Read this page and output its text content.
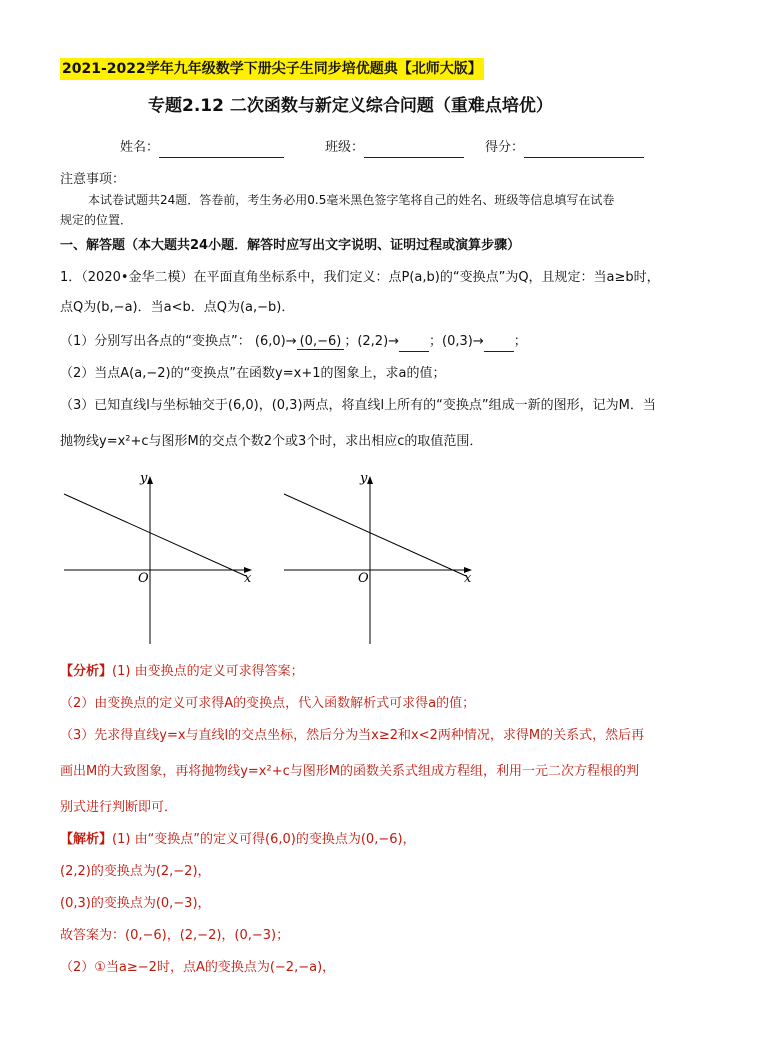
2021-2022学年九年级数学下册尖子生同步培优题典【北师大版】
专题2.12 二次函数与新定义综合问题（重难点培优）
姓名：	班级：	得分：
注意事项：
本试卷试题共24题．答卷前，考生务必用0.5毫米黑色签字笔将自己的姓名、班级等信息填写在试卷
规定的位置．
一、解答题（本大题共24小题．解答时应写出文字说明、证明过程或演算步骤）
1．（2020•金华二模）在平面直角坐标系中，我们定义：点P(a,b)的“变换点”为Q，且规定：当a≥b时，
点Q为(b,−a)．当a<b．点Q为(a,−b)．
（1）分别写出各点的“变换点”： (6,0)→ (0,−6) ；(2,2)→ ；(0,3)→ ；
（2）当点A(a,−2)的“变换点”在函数y=x+1的图象上，求a的值；
（3）已知直线l与坐标轴交于(6,0)，(0,3)两点，将直线l上所有的“变换点”组成一新的图形，记为M．当
抛物线y=x²+c与图形M的交点个数2个或3个时，求出相应c的取值范围．
y
x
O
y
x
O
【分析】(1) 由变换点的定义可求得答案；
（2）由变换点的定义可求得A的变换点，代入函数解析式可求得a的值；
（3）先求得直线y=x与直线l的交点坐标，然后分为当x≥2和x<2两种情况，求得M的关系式，然后再
画出M的大致图象，再将抛物线y=x²+c与图形M的函数关系式组成方程组，利用一元二次方程根的判
别式进行判断即可．
【解析】(1) 由“变换点”的定义可得(6,0)的变换点为(0,−6)，
(2,2)的变换点为(2,−2)，
(0,3)的变换点为(0,−3)，
故答案为：(0,−6)，(2,−2)，(0,−3)；
（2）①当a≥−2时，点A的变换点为(−2,−a)，
